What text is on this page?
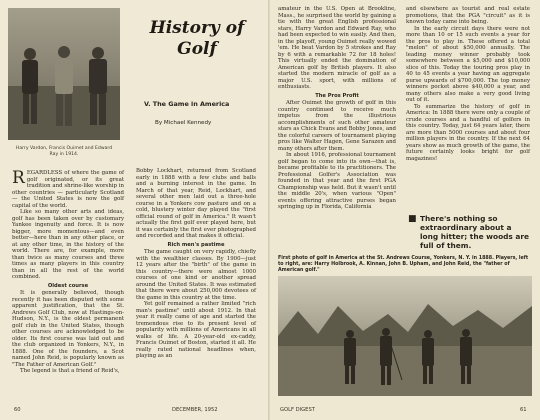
Harry Vardon, Francis Ouimet and Edward Ray in 1914.
History of Golf
V. The Game in America
By Michael Kennedy

REGARDLESS of where the game of golf originated, or its great tradition and shrine-like worship in other countries — particularly Scotland — the United States is now the golf capital of the world.

Like so many other arts and ideas, golf has been taken over by customary Yankee ingenuity and force. It is now bigger, more momentous—and even better—here than in any other place, or at any other time, in the history of the world. There are, for example, more than twice as many courses and three times as many players in this country than in all the rest of the world combined.

Oldest course

It is generally believed, though recently it has been disputed with some apparent justification, that the St. Andrews Golf Club, now at Hastings-on-Hudson, N.Y., is the oldest permanent golf club in the United States, though other courses are acknowledged to be older. Its first course was laid out and the club organized in Yonkers, N.Y., in 1888. One of the founders, a Scot named John Reid, is popularly known as "The Father of American Golf."

The legend is that a friend of Reid's,

Bobby Lockhart, returned from Scotland early in 1888 with a few clubs and balls and a burning interest in the game. In March of that year, Reid, Lockhart, and several other men laid out a three-hole course in a Yonkers cow pasture and on a cold, blustery winter day played the "first official round of golf in America." It wasn't actually the first golf ever played here, but it was certainly the first ever photographed and recorded and that makes it official.

Rich men's pastime

The game caught on very rapidly, chiefly with the wealthier classes. By 1900—just 12 years after the "birth" of the game in this country—there were almost 1000 courses of one kind or another spread around the United States. It was estimated that there were about 250,000 devotees of the game in this country at the time.

Yet golf remained a rather limited "rich man's pastime" until about 1912. In that year it really came of age and started the tremendous rise to its present level of popularity with millions of Americans in all walks of life. A 20-year-old ex-caddy, Francis Ouimet of Boston, started it all. He really rated national headlines when, playing as an

60	DECEMBER, 1952

amateur in the U.S. Open at Brookline, Mass., he surprised the world by gaining a tie with the great English professional stars, Harry Vardon and Edward Ray, who had been expected to win easily. And then, in the playoff, young Ouimet really wowed 'em. He beat Vardon by 5 strokes and Ray by 6 with a remarkable 72 for 18 holes! This virtually ended the domination of American golf by British players. It also started the modern miracle of golf as a major U.S. sport, with millions of enthusiasts.

The Pros Profit

After Ouimet the growth of golf in this country continued to receive much impetus from the illustrious accomplishments of such other amateur stars as Chick Evans and Bobby Jones, and the colorful careers of tournament playing pros like Walter Hagen, Gene Sarazen and many others after them.

In about 1916, professional tournament golf began to come into its own—that is, became profitable to its practitioners. The Professional Golfer's Association was founded in that year and the first PGA Championship was held. But it wasn't until the middle 20's, when various "Open" events offering attractive purses began springing up in Florida, California

and elsewhere as tourist and real estate promotions, that the PGA "circuit" as it is known today came into being.

In the early circuit days there were not more than 10 or 15 such events a year for the pros to play in. These offered a total "melon" of about $50,000 annually. The leading money winner probably took somewhere between a $5,000 and $10,000 slice of this. Today the touring pros play in 40 to 45 events a year having an aggregate purse upwards of $700,000. The top money winners pocket above $40,000 a year, and many others also make a very good living out of it.

To summarize the history of golf in America: In 1888 there were only a couple of crude courses and a handful of golfers in this country. Today, just 64 years later, there are more than 5000 courses and about four million players in the country. If the next 64 years show as much growth of the game, the future certainly looks bright for golf magazines!

■ There's nothing so extraordinary about a long hitter; the woods are full of them.
First photo of golf in America at the St. Andrews Course, Yonkers, N. Y. in 1888. Players, left to right, are: Harry Holbrook, A. Kinnan, John B. Upham, and John Reid, the "father of American golf."
GOLF DIGEST	61
